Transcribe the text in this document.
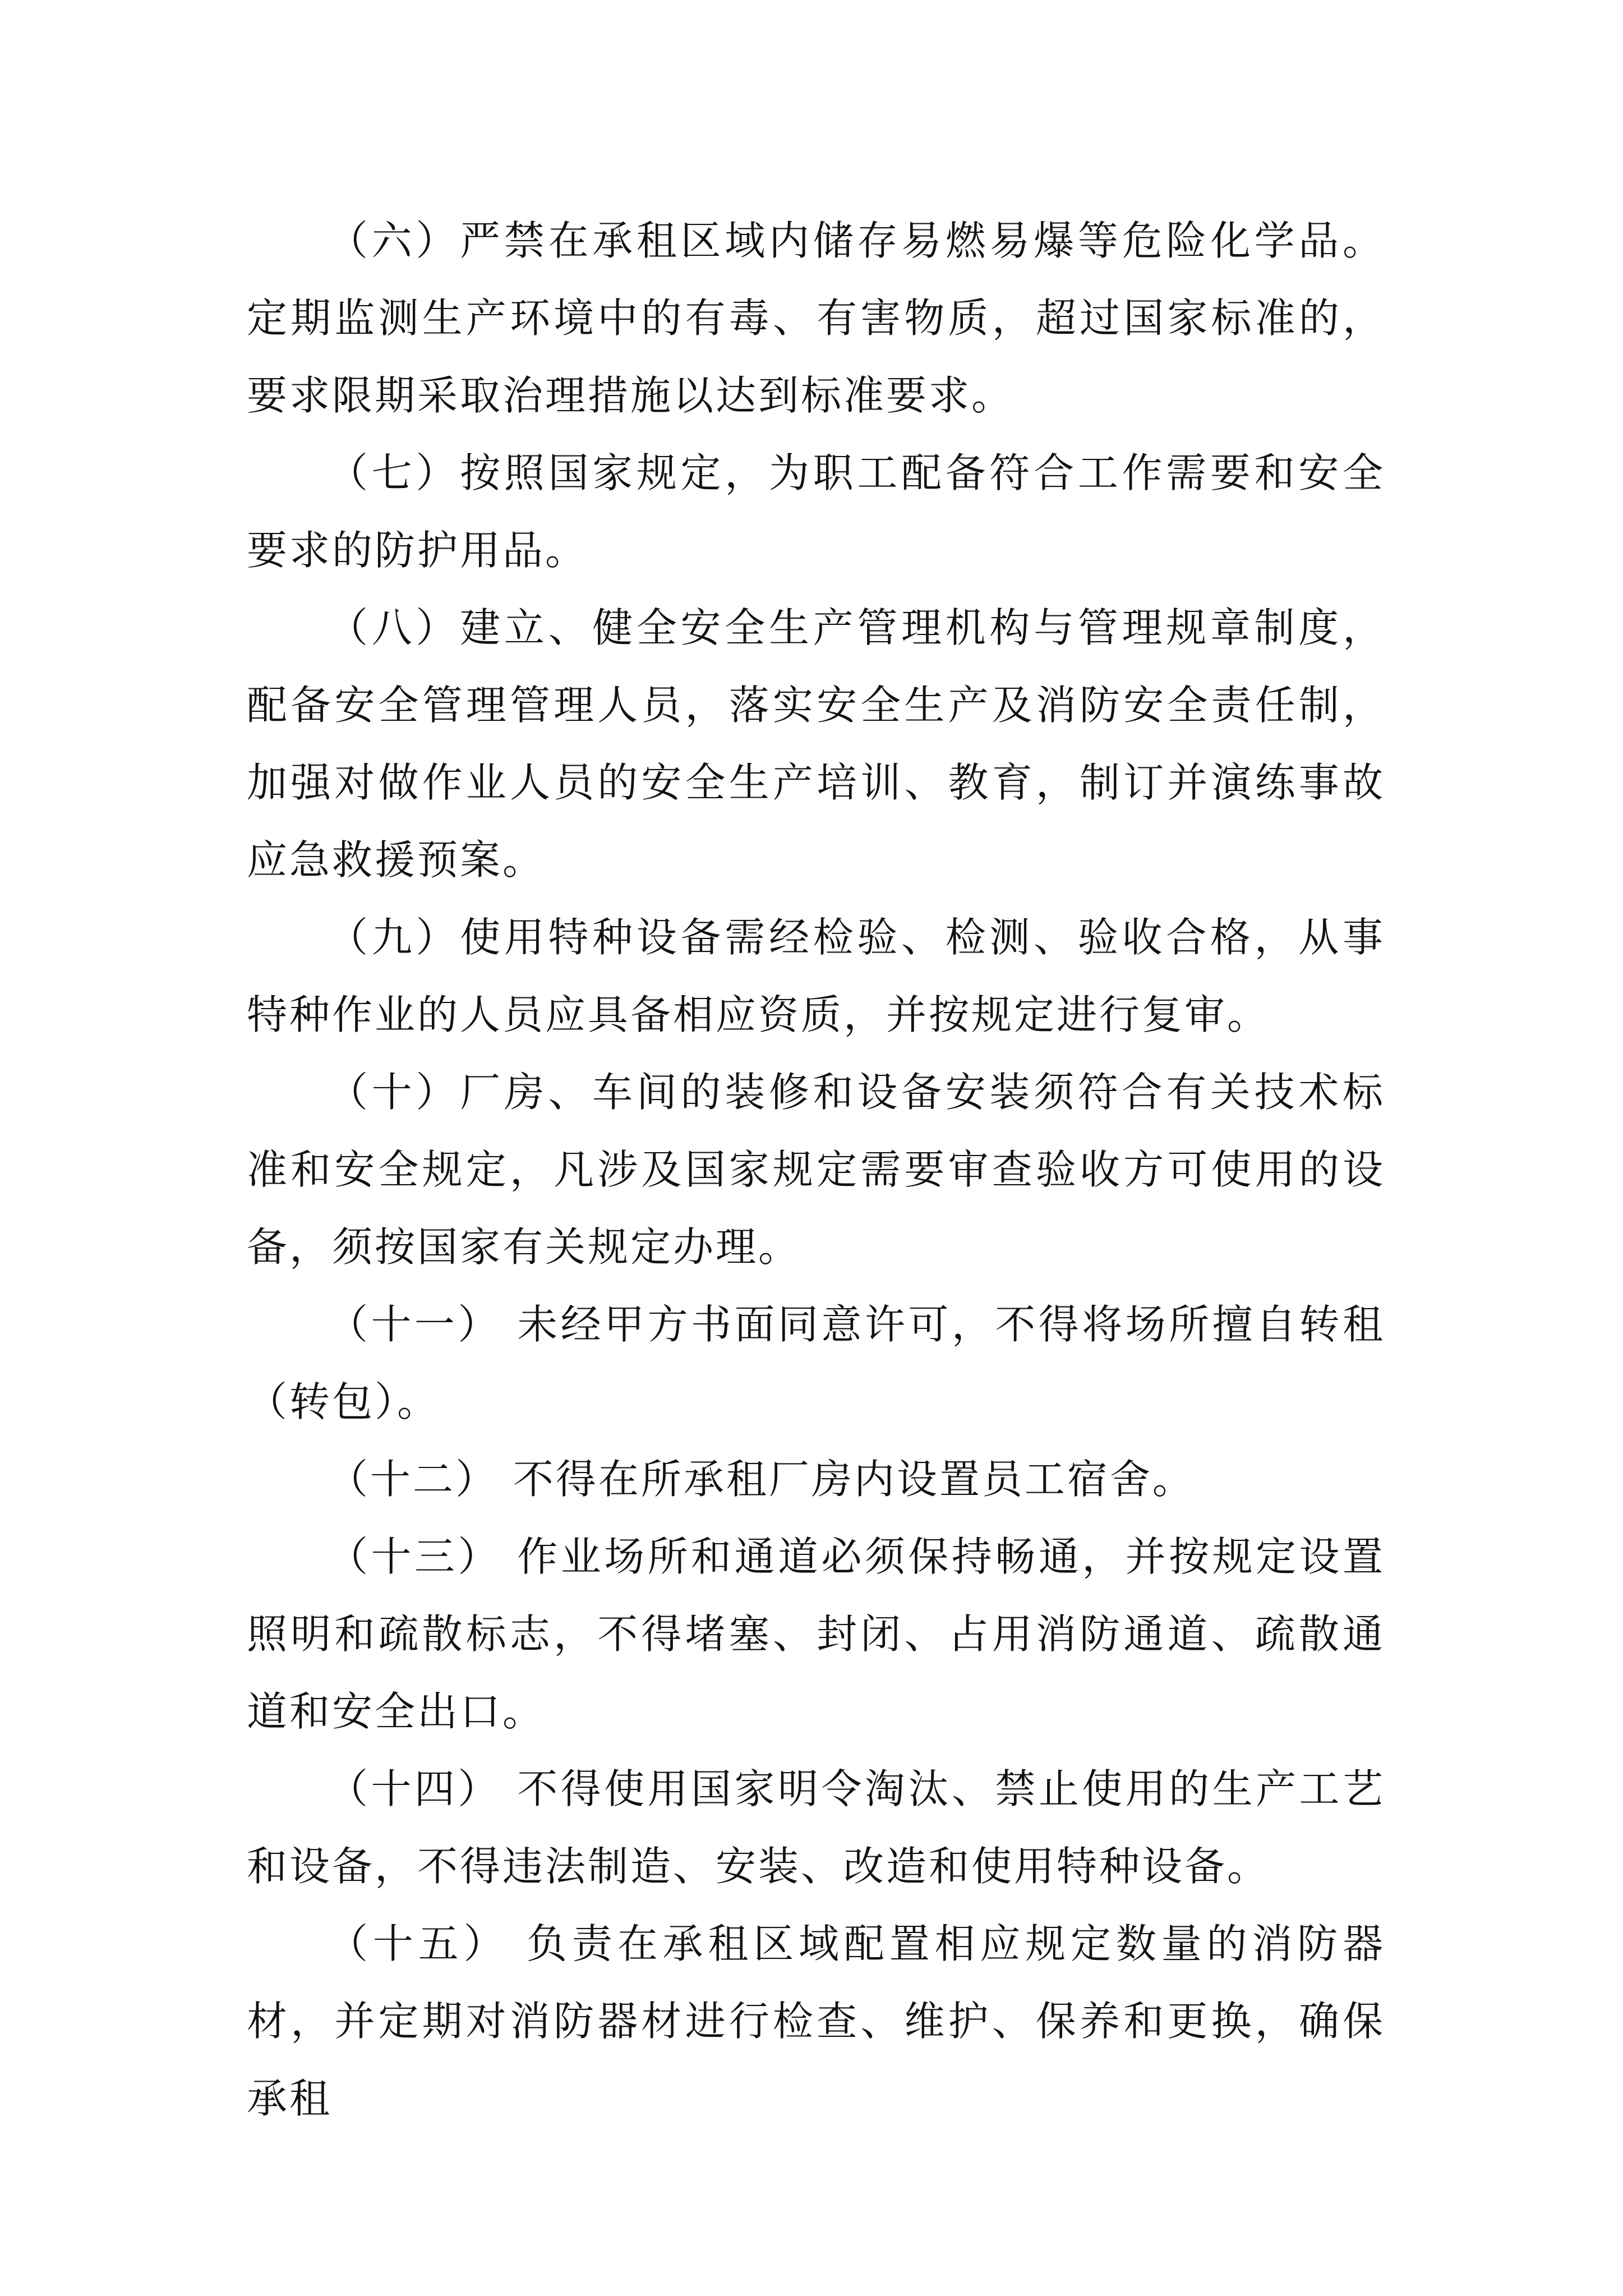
（六）严禁在承租区域内储存易燃易爆等危险化学品。定期监测生产环境中的有毒、有害物质，超过国家标准的，要求限期采取治理措施以达到标准要求。

（七）按照国家规定，为职工配备符合工作需要和安全要求的防护用品。

（八）建立、健全安全生产管理机构与管理规章制度，配备安全管理管理人员，落实安全生产及消防安全责任制，加强对做作业人员的安全生产培训、教育，制订并演练事故应急救援预案。

（九）使用特种设备需经检验、检测、验收合格，从事特种作业的人员应具备相应资质，并按规定进行复审。

（十）厂房、车间的装修和设备安装须符合有关技术标准和安全规定，凡涉及国家规定需要审查验收方可使用的设备，须按国家有关规定办理。

（十一） 未经甲方书面同意许可，不得将场所擅自转租（转包）。

（十二） 不得在所承租厂房内设置员工宿舍。

（十三） 作业场所和通道必须保持畅通，并按规定设置照明和疏散标志，不得堵塞、封闭、占用消防通道、疏散通道和安全出口。

（十四） 不得使用国家明令淘汰、禁止使用的生产工艺和设备，不得违法制造、安装、改造和使用特种设备。

（十五） 负责在承租区域配置相应规定数量的消防器材，并定期对消防器材进行检查、维护、保养和更换，确保承租
